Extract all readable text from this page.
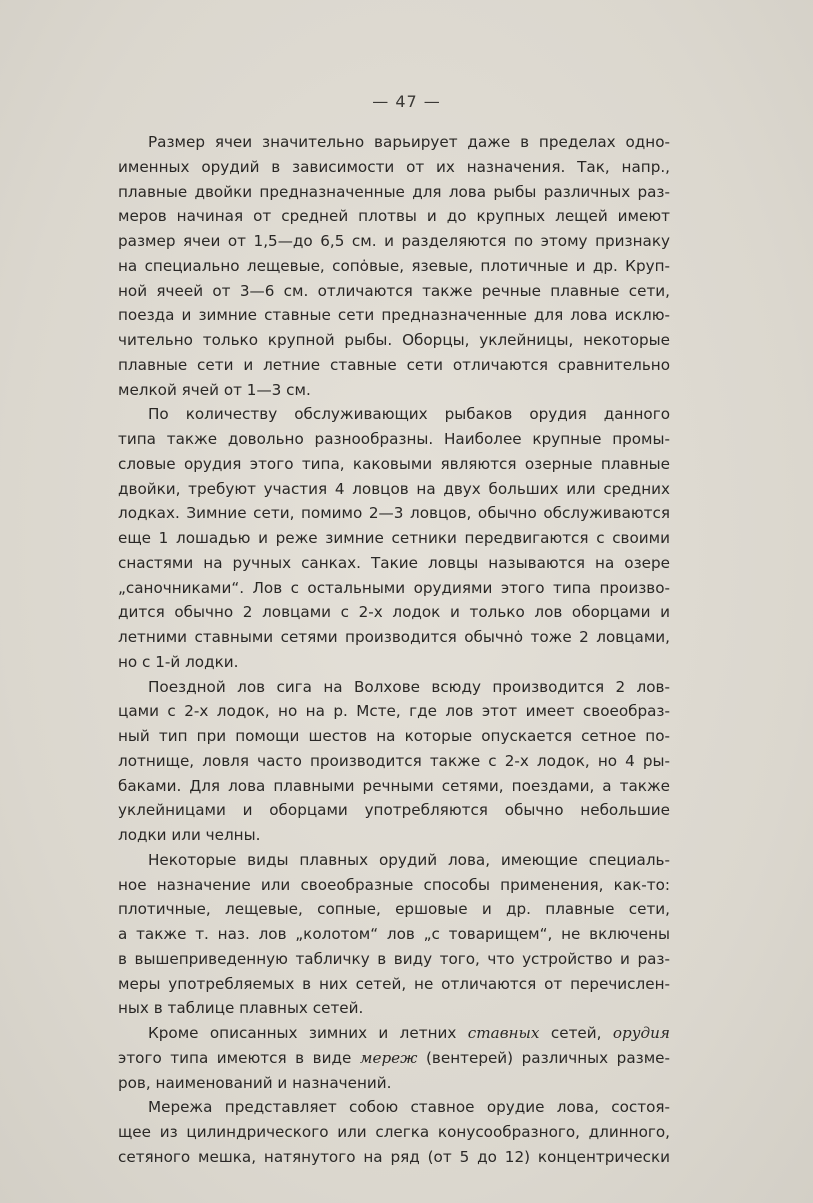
— 47 —
Размер ячеи значительно варьирует даже в пределах одно-
именных орудий в зависимости от их назначения. Так, напр.,
плавные двойки предназначенные для лова рыбы различных раз-
меров начиная от средней плотвы и до крупных лещей имеют
размер ячеи от 1,5—до 6,5 см. и разделяются по этому признаку
на специально лещевые, сопȯвые, язевые, плотичные и др. Круп-
ной ячеей от 3—6 см. отличаются также речные плавные сети,
поезда и зимние ставные сети предназначенные для лова исклю-
чительно только крупной рыбы. Оборцы, уклейницы, некоторые
плавные сети и летние ставные сети отличаются сравнительно
мелкой ячей от 1—3 см.
По количеству обслуживающих рыбаков орудия данного
типа также довольно разнообразны. Наиболее крупные промы-
словые орудия этого типа, каковыми являются озерные плавные
двойки, требуют участия 4 ловцов на двух больших или средних
лодках. Зимние сети, помимо 2—3 ловцов, обычно обслуживаются
еще 1 лошадью и реже зимние сетники передвигаются с своими
снастями на ручных санках. Такие ловцы называются на озере
„саночниками“. Лов с остальными орудиями этого типа произво-
дится обычно 2 ловцами с 2-х лодок и только лов оборцами и
летними ставными сетями производится обычнȯ тоже 2 ловцами,
но с 1-й лодки.
Поездной лов сига на Волхове всюду производится 2 лов-
цами с 2-х лодок, но на р. Мсте, где лов этот имеет своеобраз-
ный тип при помощи шестов на которые опускается сетное по-
лотнище, ловля часто производится также с 2-х лодок, но 4 ры-
баками. Для лова плавными речными сетями, поездами, а также
уклейницами и оборцами употребляются обычно небольшие
лодки или челны.
Некоторые виды плавных орудий лова, имеющие специаль-
ное назначение или своеобразные способы применения, как-то:
плотичные, лещевые, сопные, ершовые и др. плавные сети,
а также т. наз. лов „колотом“ лов „с товарищем“, не включены
в вышеприведенную табличку в виду того, что устройство и раз-
меры употребляемых в них сетей, не отличаются от перечислен-
ных в таблице плавных сетей.
Кроме описанных зимних и летних ставных сетей, орудия
этого типа имеются в виде мереж (вентерей) различных разме-
ров, наименований и назначений.
Мережа представляет собою ставное орудие лова, состоя-
щее из цилиндрического или слегка конусообразного, длинного,
сетяного мешка, натянутого на ряд (от 5 до 12) концентрически
